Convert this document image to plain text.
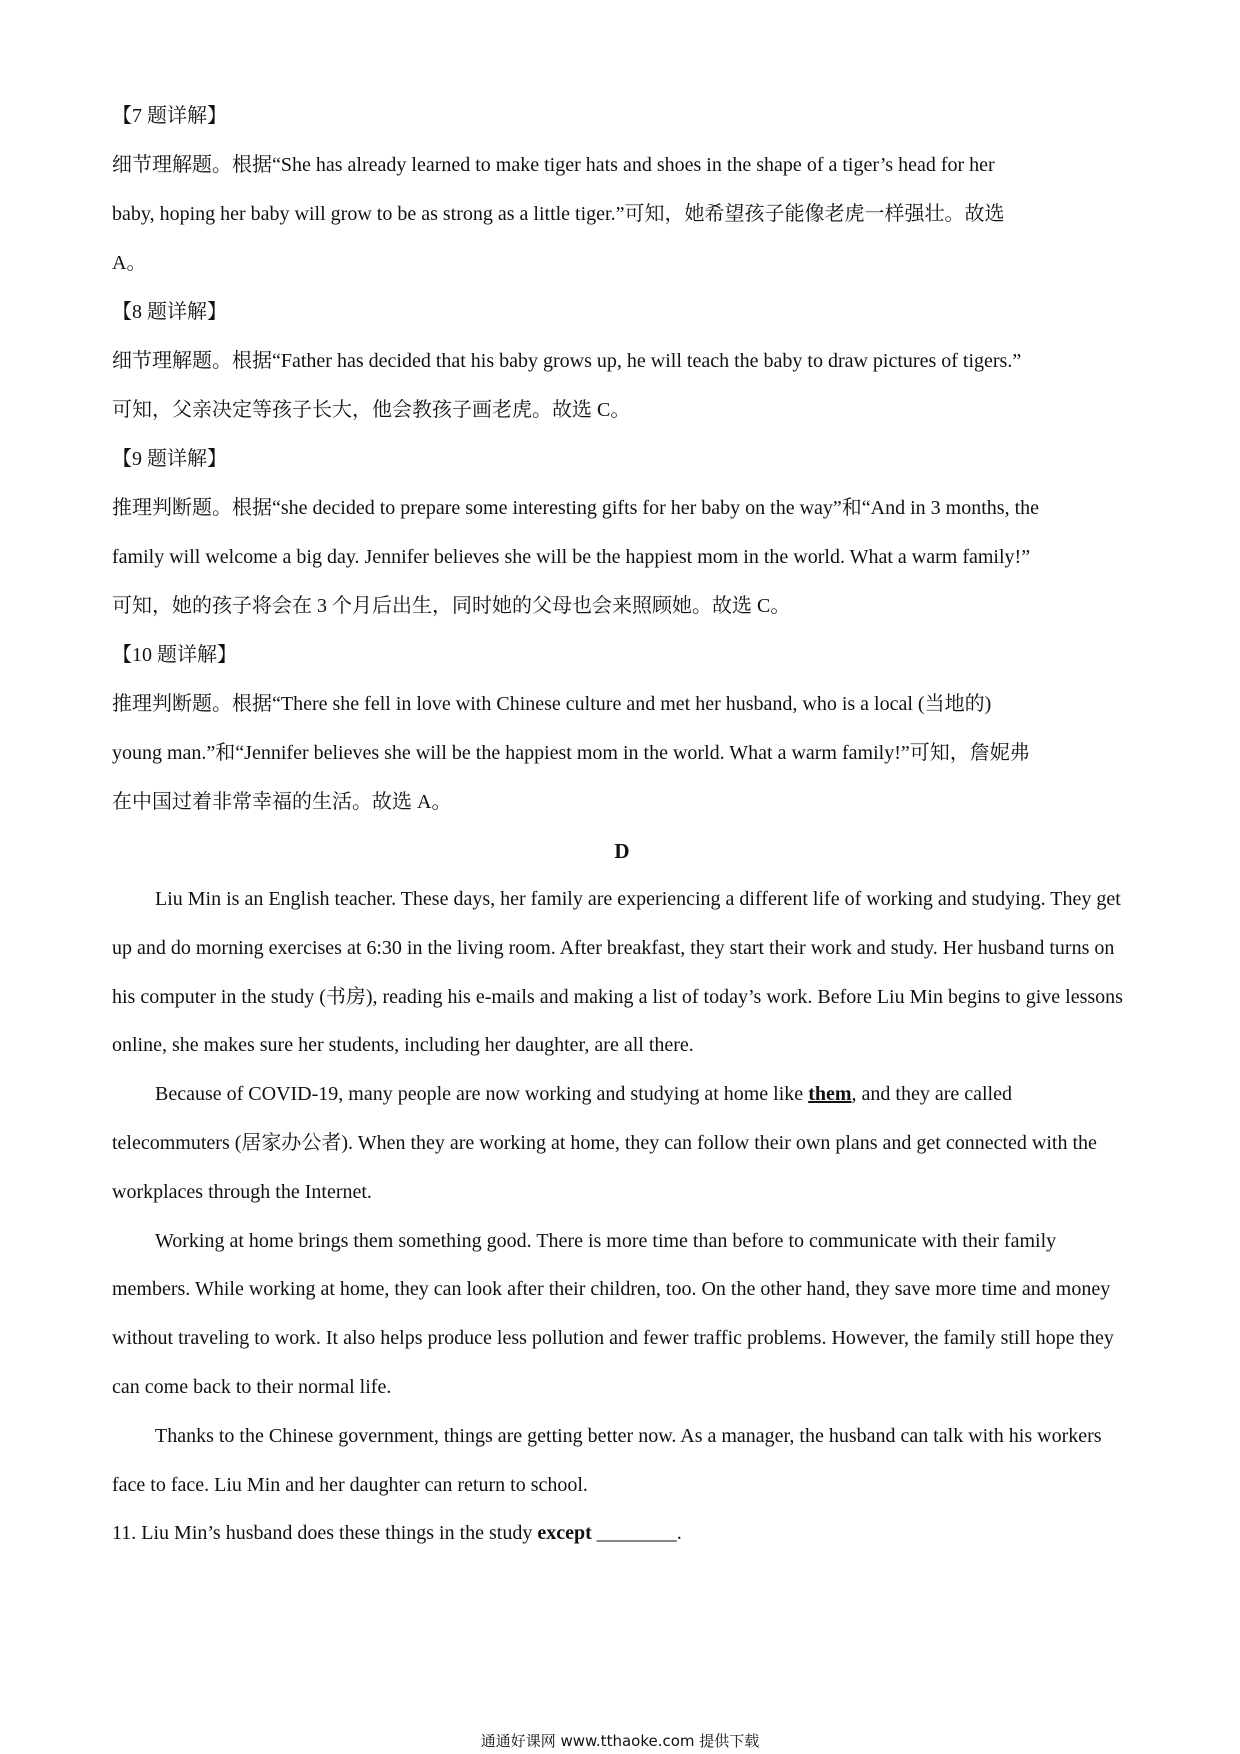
【7 题详解】

细节理解题。根据“She has already learned to make tiger hats and shoes in the shape of a tiger’s head for her

baby, hoping her baby will grow to be as strong as a little tiger.”可知，她希望孩子能像老虎一样强壮。故选

A。

【8 题详解】

细节理解题。根据“Father has decided that his baby grows up, he will teach the baby to draw pictures of tigers.”

可知，父亲决定等孩子长大，他会教孩子画老虎。故选 C。

【9 题详解】

推理判断题。根据“she decided to prepare some interesting gifts for her baby on the way”和“And in 3 months, the

family will welcome a big day. Jennifer believes she will be the happiest mom in the world. What a warm family!”

可知，她的孩子将会在 3 个月后出生，同时她的父母也会来照顾她。故选 C。

【10 题详解】

推理判断题。根据“There she fell in love with Chinese culture and met her husband, who is a local (当地的)

young man.”和“Jennifer believes she will be the happiest mom in the world. What a warm family!”可知，詹妮弗

在中国过着非常幸福的生活。故选 A。

D

Liu Min is an English teacher. These days, her family are experiencing a different life of working and studying. They get up and do morning exercises at 6:30 in the living room. After breakfast, they start their work and study. Her husband turns on his computer in the study (书房), reading his e-mails and making a list of today’s work. Before Liu Min begins to give lessons online, she makes sure her students, including her daughter, are all there.

Because of COVID-19, many people are now working and studying at home like them, and they are called telecommuters (居家办公者). When they are working at home, they can follow their own plans and get connected with the workplaces through the Internet.

Working at home brings them something good. There is more time than before to communicate with their family members. While working at home, they can look after their children, too. On the other hand, they save more time and money without traveling to work. It also helps produce less pollution and fewer traffic problems. However, the family still hope they can come back to their normal life.

Thanks to the Chinese government, things are getting better now. As a manager, the husband can talk with his workers face to face. Liu Min and her daughter can return to school.

11. Liu Min’s husband does these things in the study except ________.

通通好课网 www.tthaoke.com 提供下载
